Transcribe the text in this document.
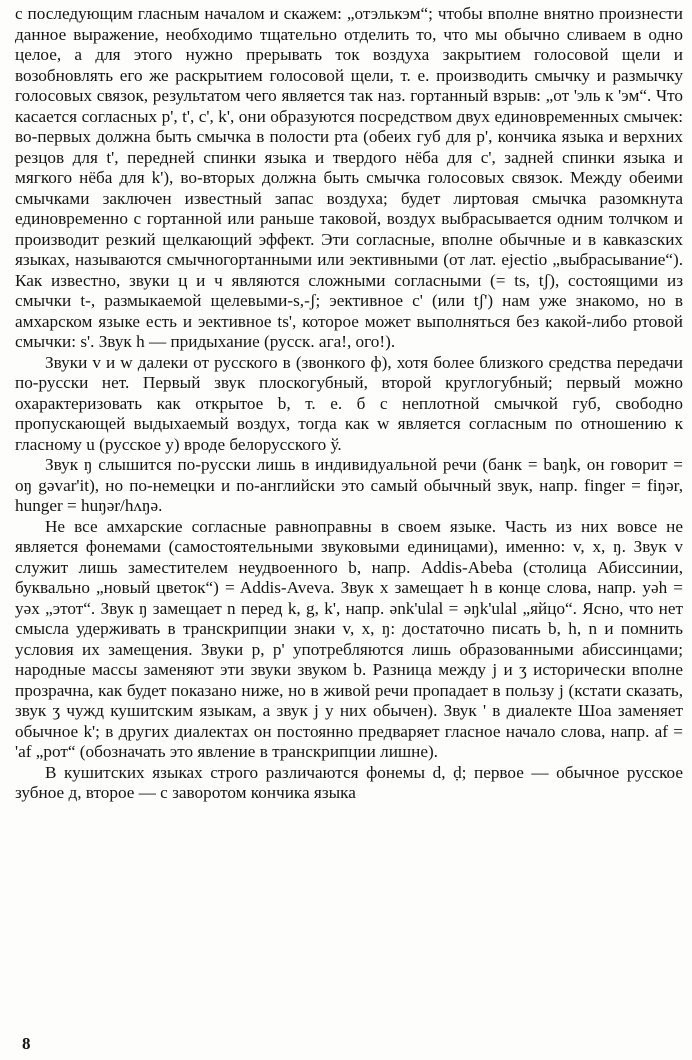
с последующим гласным началом и скажем: „отэлькэм“; чтобы вполне внятно произнести данное выражение, необходимо тщательно отделить то, что мы обычно сливаем в одно целое, а для этого нужно прерывать ток воздуха закрытием голосовой щели и возобновлять его же раскрытием голосовой щели, т. е. производить смычку и размычку голосовых связок, результатом чего является так наз. гортанный взрыв: „от 'эль к 'эм“. Что касается согласных p', t', c', k', они образуются посредством двух единовременных смычек: во-первых должна быть смычка в полости рта (обеих губ для p', кончика языка и верхних резцов для t', передней спинки языка и твердого нёба для c', задней спинки языка и мягкого нёба для k'), во-вторых должна быть смычка голосовых связок. Между обеими смычками заключен известный запас воздуха; будет лиртовая смычка разомкнута единовременно с гортанной или раньше таковой, воздух выбрасывается одним толчком и производит резкий щелкающий эффект. Эти согласные, вполне обычные и в кавказских языках, называются смычногортанными или эективными (от лат. ejectio „выбрасывание“). Как известно, звуки ц и ч являются сложными согласными (= ts, tʃ), состоящими из смычки t-, размыкаемой щелевыми-s,-ʃ; эективное c' (или tʃ') нам уже знакомо, но в амхарском языке есть и эективное ts', которое может выполняться без какой-либо ртовой смычки: s'. Звук h — придыхание (русск. ага!, ого!).

Звуки v и w далеки от русского в (звонкого ф), хотя более близкого средства передачи по-русски нет. Первый звук плоскогубный, второй круглогубный; первый можно охарактеризовать как открытое b, т. е. б с неплотной смычкой губ, свободно пропускающей выдыхаемый воздух, тогда как w является согласным по отношению к гласному u (русское у) вроде белорусского ў.

Звук ŋ слышится по-русски лишь в индивидуальной речи (банк = baŋk, он говорит = oŋ gəvar'it), но по-немецки и по-английски это самый обычный звук, напр. finger = fiŋər, hunger = huŋər/hʌŋə.

Не все амхарские согласные равноправны в своем языке. Часть из них вовсе не является фонемами (самостоятельными звуковыми единицами), именно: v, x, ŋ. Звук v служит лишь заместителем неудвоенного b, напр. Addis-Abeba (столица Абиссинии, буквально „новый цветок“) = Addis-Aveva. Звук x замещает h в конце слова, напр. yəh = yəx „этот“. Звук ŋ замещает n перед k, g, k', напр. ənk'ulal = əŋk'ulal „яйцо“. Ясно, что нет смысла удерживать в транскрипции знаки v, x, ŋ: достаточно писать b, h, n и помнить условия их замещения. Звуки p, p' употребляются лишь образованными абиссинцами; народные массы заменяют эти звуки звуком b. Разница между j и ʒ исторически вполне прозрачна, как будет показано ниже, но в живой речи пропадает в пользу j (кстати сказать, звук ʒ чужд кушитским языкам, а звук j у них обычен). Звук ' в диалекте Шоа заменяет обычное k'; в других диалектах он постоянно предваряет гласное начало слова, напр. af = 'af „рот“ (обозначать это явление в транскрипции лишне).

В кушитских языках строго различаются фонемы d, ḍ; первое — обычное русское зубное д, второе — с заворотом кончика языка

8
